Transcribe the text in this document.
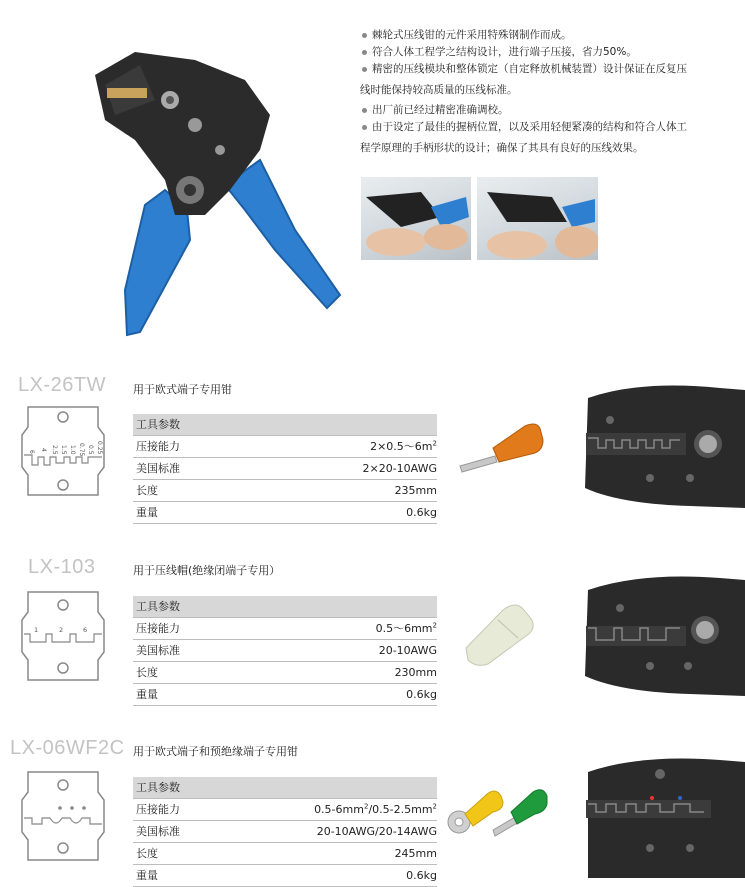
棘轮式压线钳的元件采用特殊钢制作而成。
符合人体工程学之结构设计，进行端子压接，省力50%。
精密的压线模块和整体锁定（自定释放机械装置）设计保证在反复压
线时能保持较高质量的压线标准。
出厂前已经过精密准确调校。
由于设定了最佳的握柄位置，以及采用轻便紧凑的结构和符合人体工
程学原理的手柄形状的设计；确保了其具有良好的压线效果。
LX-26TW 用于欧式端子专用钳
6
4 2.5 1.5 1.0 0.75 0.5 0.25
工具参数
压接能力	$2\times 0.5\sim 6m^2$
美国标准	2×20-10AWG
长度	235mm
重量	0.6kg
LX-103	用于压线帽(绝缘闭端子专用）
1	2	6
工具参数
压接能力	$0.5\sim 6mm^2$
美国标准	20-10AWG
长度	230mm
重量	0.6kg
LX-06WF2C 用于欧式端子和预绝缘端子专用钳
工具参数
压接能力	$0.5-6mm^2/0.5-2.5mm^2$
美国标准	20-10AWG/20-14AWG
长度	245mm
重量	0.6kg
